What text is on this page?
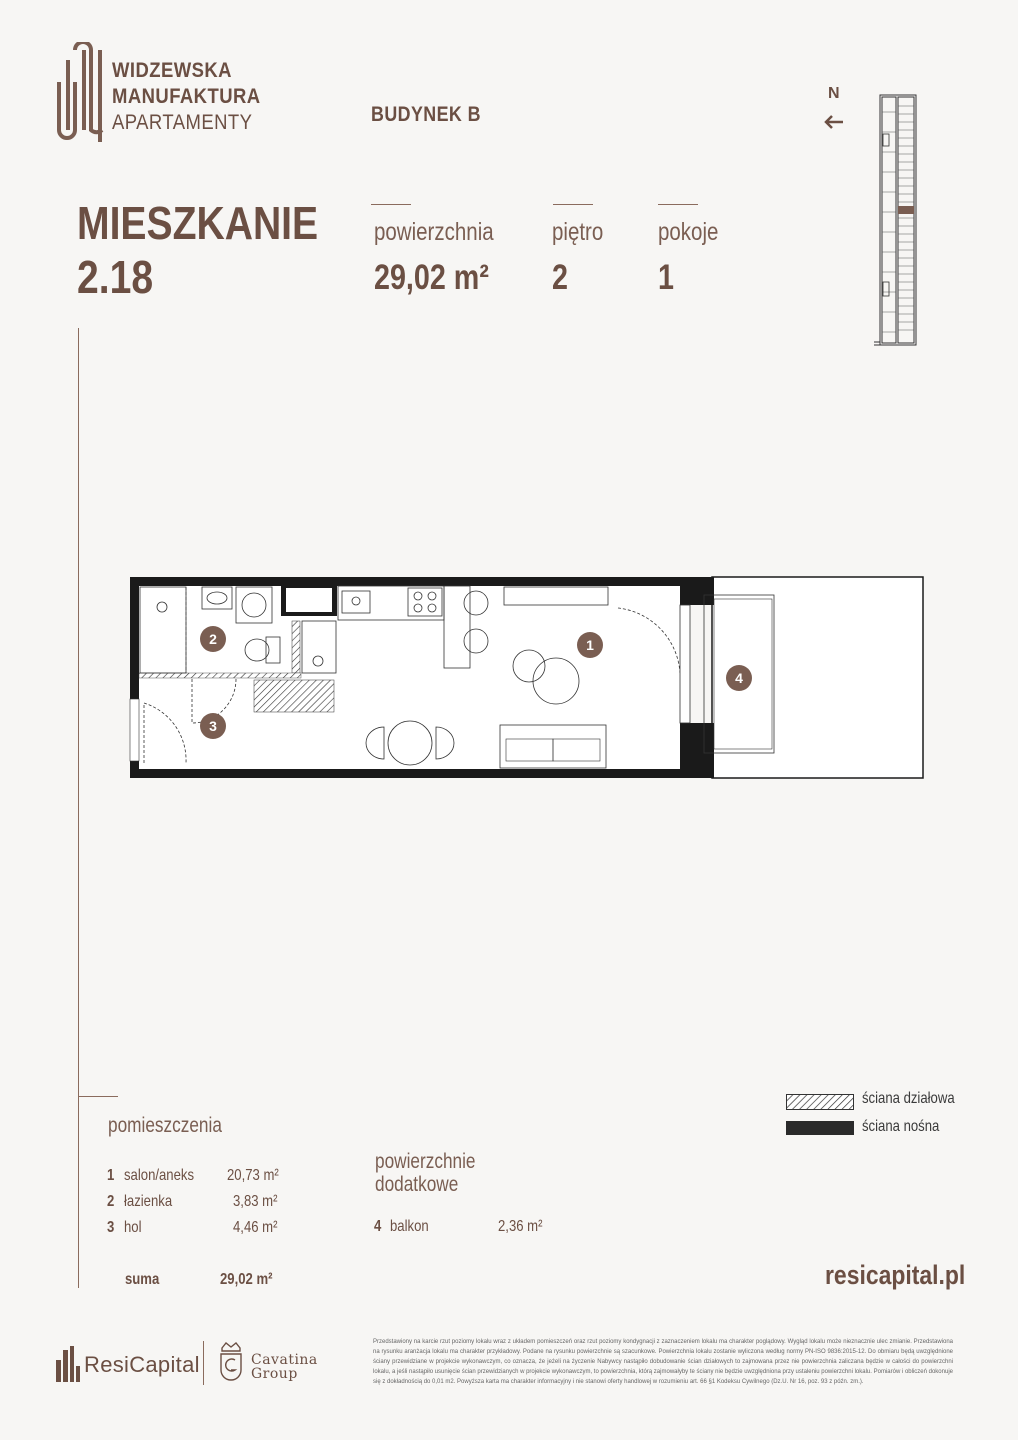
WIDZEWSKA
MANUFAKTURA
APARTAMENTY	BUDYNEK B
MIESZKANIE
2.18
powierzchnia
29,02 m²
piętro
2
pokoje
1
N
1
2
3
4
ściana działowa
ściana nośna
pomieszczenia
1 salon/aneks 20,73 m²
2 łazienka	3,83 m²
3 hol	4,46 m²
suma	29,02 m²
powierzchnie
dodatkowe
4 balkon	2,36 m²
resicapital.pl
ResiCapital	Cavatina
Group
Przedstawiony na karcie rzut poziomy lokalu wraz z układem pomieszczeń oraz rzut poziomy kondygnacji z zaznaczeniem lokalu ma charakter poglądowy. Wygląd lokalu może nieznacznie ulec zmianie. Przedstawiona na rysunku aranżacja lokalu ma charakter przykładowy. Podane na rysunku powierzchnie są szacunkowe. Powierzchnia lokalu zostanie wyliczona według normy PN-ISO 9836:2015-12. Do obmiaru będą uwzględnione ściany przewidziane w projekcie wykonawczym, co oznacza, że jeżeli na życzenie Nabywcy nastąpiło dobudowanie ścian działowych to zajmowana przez nie powierzchnia zaliczana będzie w całości do powierzchni lokalu, a jeśli nastąpiło usunięcie ścian przewidzianych w projekcie wykonawczym, to powierzchnia, którą zajmowałyby te ściany nie będzie uwzględniona przy ustaleniu powierzchni lokalu. Pomiarów i obliczeń dokonuje się z dokładnością do 0,01 m2. Powyższa karta ma charakter informacyjny i nie stanowi oferty handlowej w rozumieniu art. 66 §1 Kodeksu Cywilnego (Dz.U. Nr 16, poz. 93 z późn. zm.).
